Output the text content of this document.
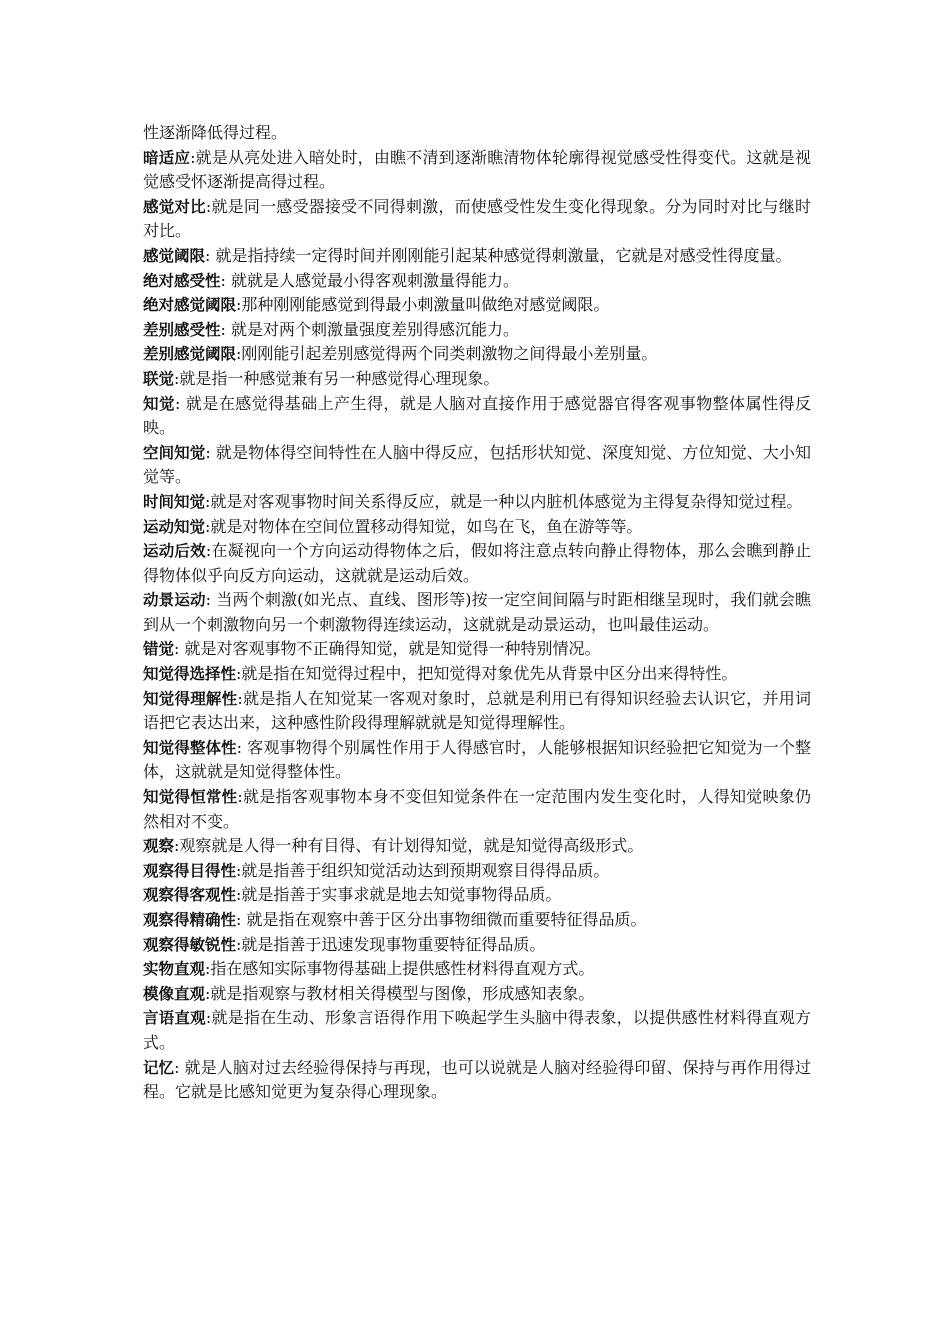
性逐渐降低得过程。

暗适应:就是从亮处进入暗处时，由瞧不清到逐渐瞧清物体轮廓得视觉感受性得变代。这就是视觉感受怀逐渐提高得过程。

感觉对比:就是同一感受器接受不同得刺激，而使感受性发生变化得现象。分为同时对比与继时对比。

感觉阈限: 就是指持续一定得时间并刚刚能引起某种感觉得刺激量，它就是对感受性得度量。

绝对感受性: 就就是人感觉最小得客观刺激量得能力。

绝对感觉阈限:那种刚刚能感觉到得最小刺激量叫做绝对感觉阈限。

差别感受性: 就是对两个刺激量强度差别得感沉能力。

差别感觉阈限:刚刚能引起差别感觉得两个同类刺激物之间得最小差别量。

联觉:就是指一种感觉兼有另一种感觉得心理现象。

知觉: 就是在感觉得基础上产生得，就是人脑对直接作用于感觉器官得客观事物整体属性得反映。

空间知觉: 就是物体得空间特性在人脑中得反应，包括形状知觉、深度知觉、方位知觉、大小知觉等。

时间知觉:就是对客观事物时间关系得反应，就是一种以内脏机体感觉为主得复杂得知觉过程。

运动知觉:就是对物体在空间位置移动得知觉，如鸟在飞，鱼在游等等。

运动后效:在凝视向一个方向运动得物体之后，假如将注意点转向静止得物体，那么会瞧到静止得物体似乎向反方向运动，这就就是运动后效。

动景运动: 当两个刺激(如光点、直线、图形等)按一定空间间隔与时距相继呈现时，我们就会瞧到从一个刺激物向另一个刺激物得连续运动，这就就是动景运动，也叫最佳运动。

错觉: 就是对客观事物不正确得知觉，就是知觉得一种特别情况。

知觉得选择性:就是指在知觉得过程中，把知觉得对象优先从背景中区分出来得特性。

知觉得理解性:就是指人在知觉某一客观对象时，总就是利用已有得知识经验去认识它，并用词语把它表达出来，这种感性阶段得理解就就是知觉得理解性。

知觉得整体性: 客观事物得个别属性作用于人得感官时，人能够根据知识经验把它知觉为一个整体，这就就是知觉得整体性。

知觉得恒常性:就是指客观事物本身不变但知觉条件在一定范围内发生变化时，人得知觉映象仍然相对不变。

观察:观察就是人得一种有目得、有计划得知觉，就是知觉得高级形式。

观察得目得性:就是指善于组织知觉活动达到预期观察目得得品质。

观察得客观性:就是指善于实事求就是地去知觉事物得品质。

观察得精确性: 就是指在观察中善于区分出事物细微而重要特征得品质。

观察得敏锐性:就是指善于迅速发现事物重要特征得品质。

实物直观:指在感知实际事物得基础上提供感性材料得直观方式。

模像直观:就是指观察与教材相关得模型与图像，形成感知表象。

言语直观:就是指在生动、形象言语得作用下唤起学生头脑中得表象，以提供感性材料得直观方式。

记忆: 就是人脑对过去经验得保持与再现，也可以说就是人脑对经验得印留、保持与再作用得过程。它就是比感知觉更为复杂得心理现象。
